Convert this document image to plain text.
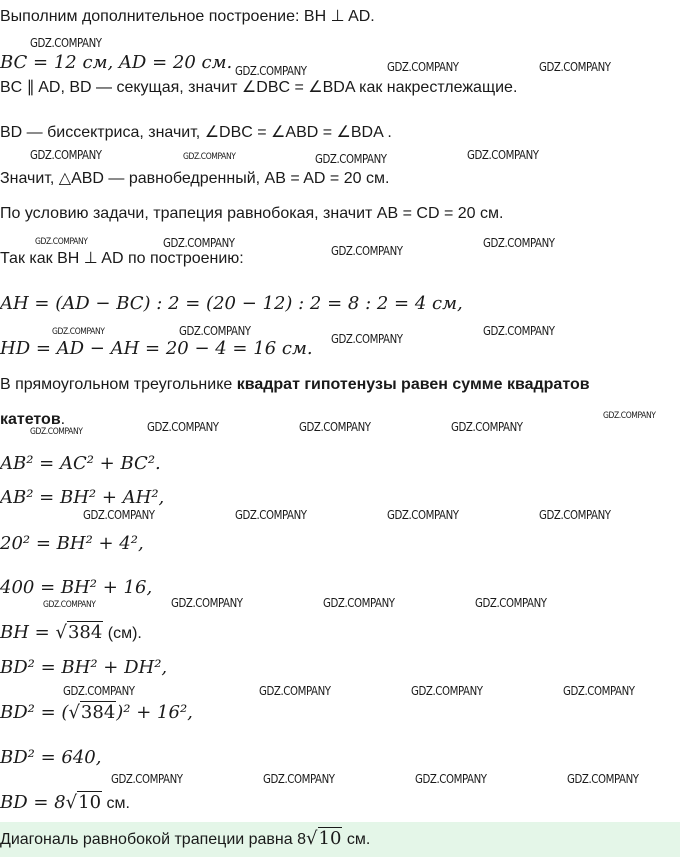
Выполним дополнительное построение: BH ⊥ AD.
BC = 12 см, AD = 20 см.
BC ∥ AD, BD — секущая, значит ∠DBC = ∠BDA как накрестлежащие.
BD — биссектриса, значит, ∠DBC = ∠ABD = ∠BDA .
Значит, △ABD — равнобедренный, AB = AD = 20 см.
По условию задачи, трапеция равнобокая, значит AB = CD = 20 см.
Так как BH ⊥ AD по построению:
AH = (AD − BC) : 2 = (20 − 12) : 2 = 8 : 2 = 4 см,
HD = AD − AH = 20 − 4 = 16 см.
В прямоугольном треугольнике квадрат гипотенузы равен сумме квадратов
катетов.
AB² = AC² + BC².
AB² = BH² + AH²,
20² = BH² + 4²,
400 = BH² + 16,
BH = √384 (см).
BD² = BH² + DH²,
BD² = (√384)² + 16²,
BD² = 640,
BD = 8√10 см.
Диагональ равнобокой трапеции равна 8√10 см.
GDZ.COMPANY
GDZ.COMPANY	GDZ.COMPANY	GDZ.COMPANY
GDZ.COMPANY	GDZ.COMPANY	GDZ.COMPANY	GDZ.COMPANY
GDZ.COMPANY	GDZ.COMPANY
GDZ.COMPANY
GDZ.COMPANY
GDZ.COMPANY	GDZ.COMPANY
GDZ.COMPANY
GDZ.COMPANY
GDZ.COMPANY	GDZ.COMPANY	GDZ.COMPANY	GDZ.COMPANY
GDZ.COMPANY
GDZ.COMPANY	GDZ.COMPANY	GDZ.COMPANY	GDZ.COMPANY
GDZ.COMPANY	GDZ.COMPANY	GDZ.COMPANY	GDZ.COMPANY
GDZ.COMPANY	GDZ.COMPANY	GDZ.COMPANY	GDZ.COMPANY
GDZ.COMPANY	GDZ.COMPANY	GDZ.COMPANY	GDZ.COMPANY
